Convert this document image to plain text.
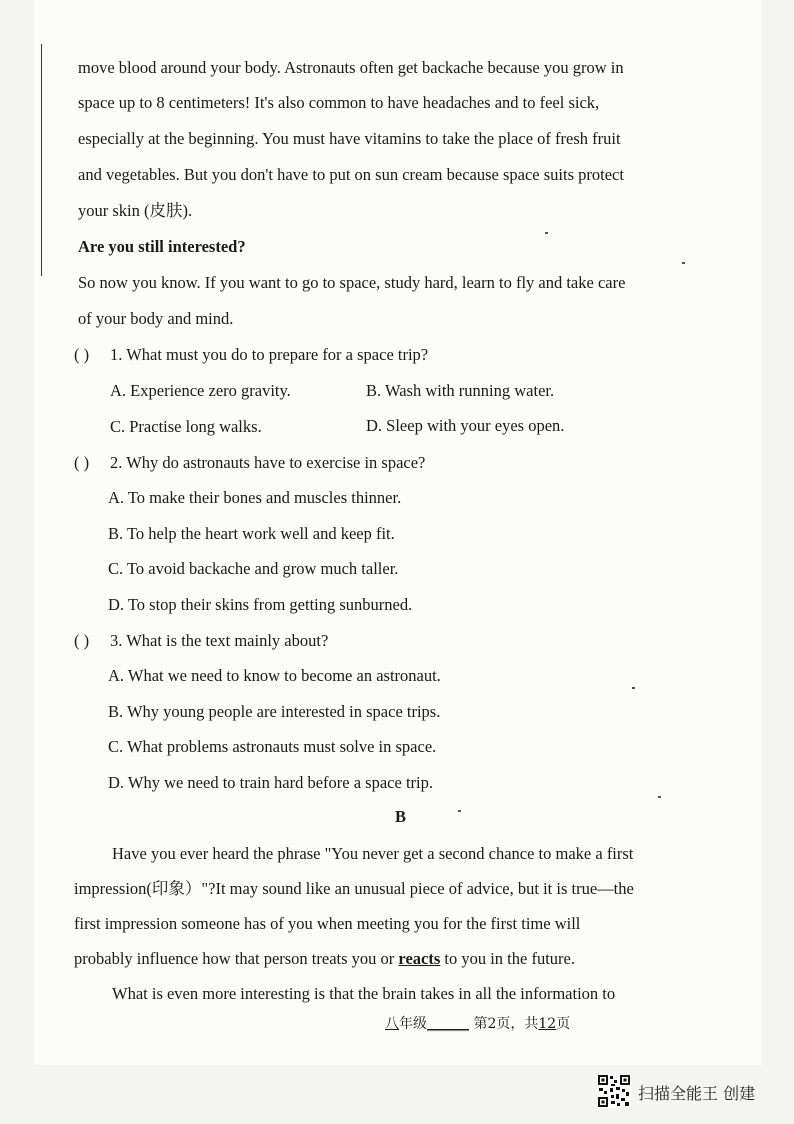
move blood around your body. Astronauts often get backache because you grow in
space up to 8 centimeters! It's also common to have headaches and to feel sick,
especially at the beginning. You must have vitamins to take the place of fresh fruit
and vegetables. But you don't have to put on sun cream because space suits protect
your skin (皮肤).
Are you still interested?
So now you know. If you want to go to space, study hard, learn to fly and take care
of your body and mind.
( ) 1. What must you do to prepare for a space trip?
A. Experience zero gravity.	B. Wash with running water.
C. Practise long walks.	D. Sleep with your eyes open.
( ) 2. Why do astronauts have to exercise in space?
A. To make their bones and muscles thinner.
B. To help the heart work well and keep fit.
C. To avoid backache and grow much taller.
D. To stop their skins from getting sunburned.
( ) 3. What is the text mainly about?
A. What we need to know to become an astronaut.
B. Why young people are interested in space trips.
C. What problems astronauts must solve in space.
D. Why we need to train hard before a space trip.
B
Have you ever heard the phrase "You never get a second chance to make a first
impression(印象）"?It may sound like an unusual piece of advice, but it is true—the
first impression someone has of you when meeting you for the first time will
probably influence how that person treats you or reacts to you in the future.
What is even more interesting is that the brain takes in all the information to
八年级______ 第2页，共12页
扫描全能王 创建
